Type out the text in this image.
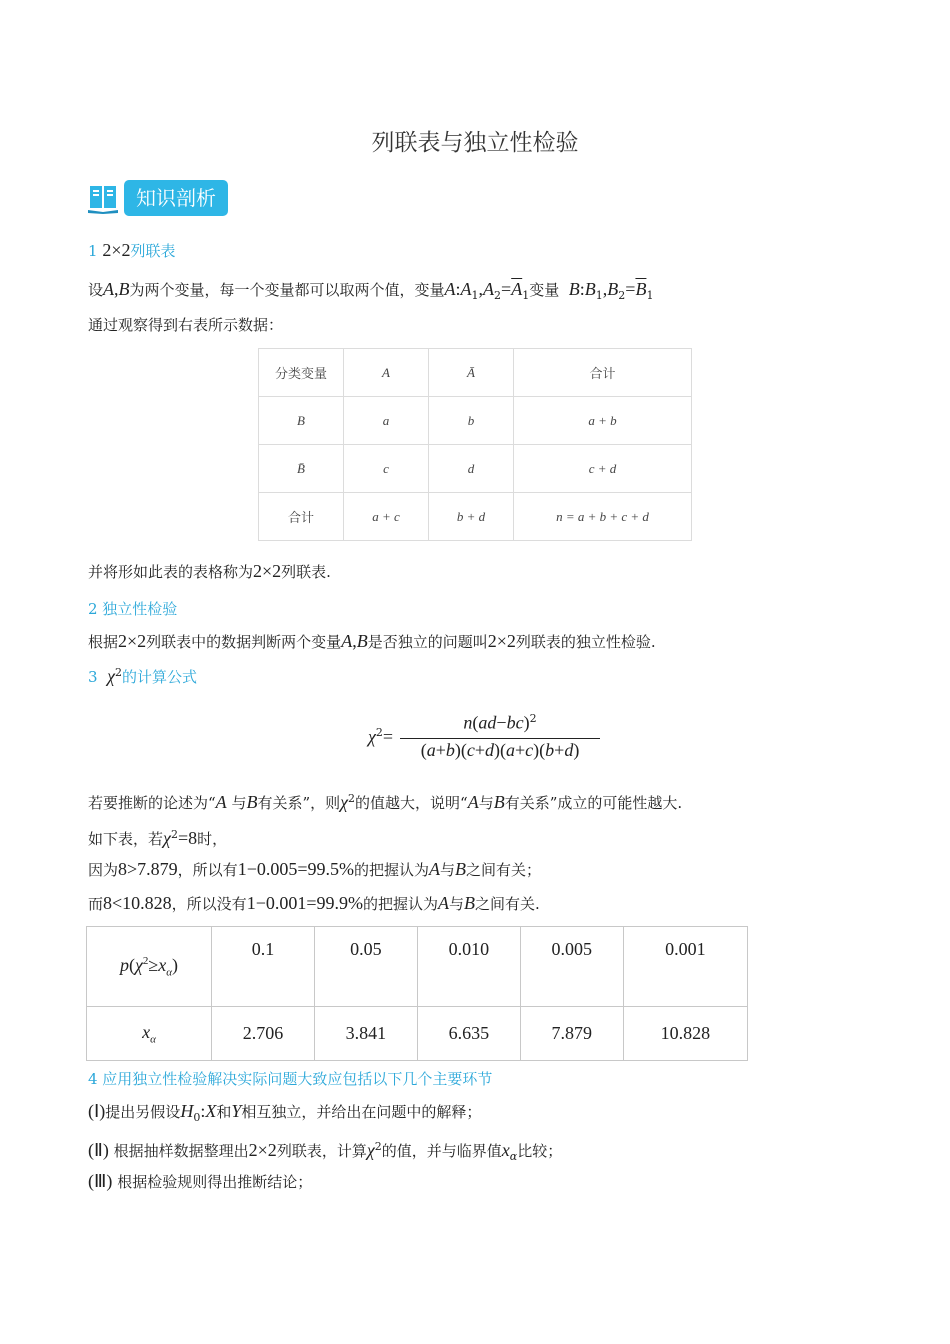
列联表与独立性检验
知识剖析
1 2×2列联表
设A,B为两个变量，每一个变量都可以取两个值，变量$A:A_1,A_2=\overline{A}_1$变量 $B:B_1,B_2=\overline{B}_1$
通过观察得到右表所示数据：
分类变量	A	Ā	合计
B	a	b	a + b
B̄	c	d	c + d
合计	a + c	b + d	n = a + b + c + d
并将形如此表的表格称为2×2列联表.
2 独立性检验
根据2×2列联表中的数据判断两个变量A,B是否独立的问题叫2×2列联表的独立性检验.
3 $\chi^2$的计算公式
$\chi^2=$
$n(ad-bc)^2$
(a+b)(c+d)(a+c)(b+d)
若要推断的论述为“A 与B有关系”，则$\chi^2$的值越大，说明“A与B有关系”成立的可能性越大.
如下表，若$\chi^2=8$时，
因为8>7.879，所以有1−0.005=99.5%的把握认为A与B之间有关；
而8<10.828，所以没有1−0.001=99.9%的把握认为A与B之间有关.
$p(\chi^2\ge x_\alpha)$	0.1	0.05	0.010	0.005	0.001
$x_\alpha$	2.706	3.841	6.635	7.879	10.828
4 应用独立性检验解决实际问题大致应包括以下几个主要环节
(Ⅰ)提出另假设$H_0:X$和Y相互独立，并给出在问题中的解释；
(Ⅱ) 根据抽样数据整理出2×2列联表，计算$\chi^2$的值，并与临界值$x_\alpha$比较；
(Ⅲ) 根据检验规则得出推断结论；
